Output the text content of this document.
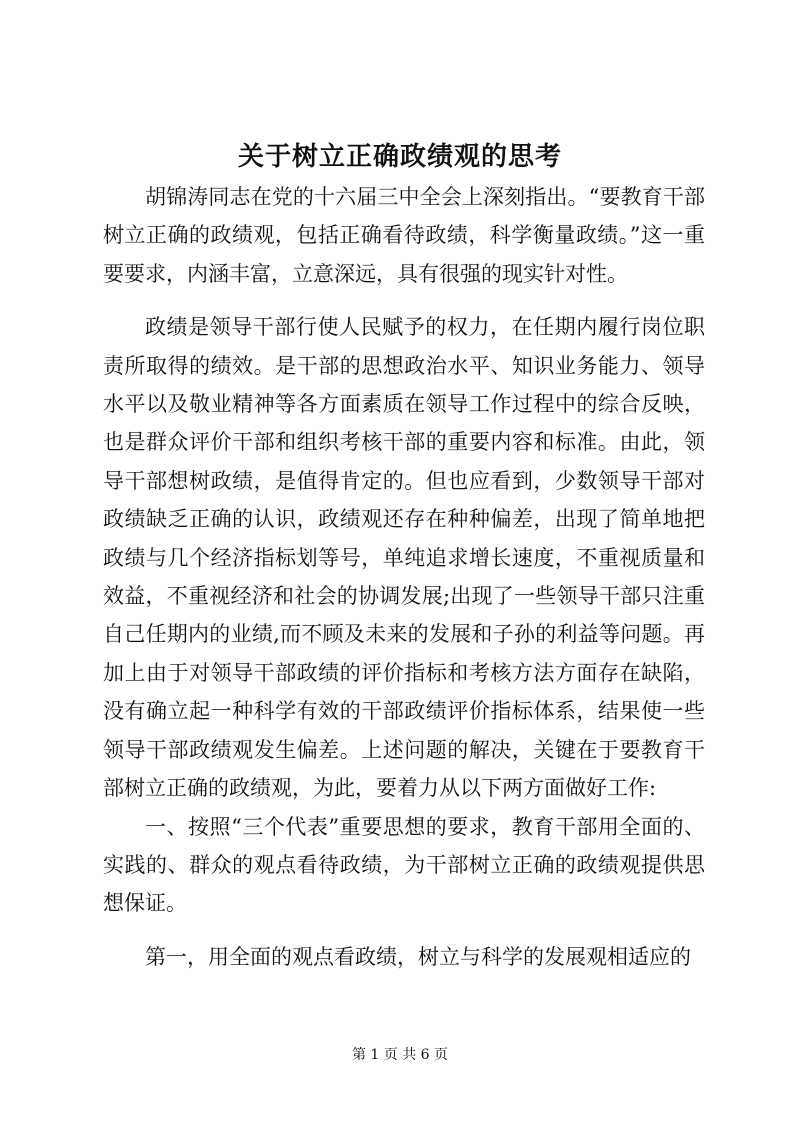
关于树立正确政绩观的思考

胡锦涛同志在党的十六届三中全会上深刻指出。“要教育干部树立正确的政绩观，包括正确看待政绩，科学衡量政绩。”这一重要要求，内涵丰富，立意深远，具有很强的现实针对性。

政绩是领导干部行使人民赋予的权力，在任期内履行岗位职责所取得的绩效。是干部的思想政治水平、知识业务能力、领导水平以及敬业精神等各方面素质在领导工作过程中的综合反映，也是群众评价干部和组织考核干部的重要内容和标准。由此，领导干部想树政绩，是值得肯定的。但也应看到，少数领导干部对政绩缺乏正确的认识，政绩观还存在种种偏差，出现了简单地把政绩与几个经济指标划等号，单纯追求增长速度，不重视质量和效益，不重视经济和社会的协调发展;出现了一些领导干部只注重自己任期内的业绩,而不顾及未来的发展和子孙的利益等问题。再加上由于对领导干部政绩的评价指标和考核方法方面存在缺陷，没有确立起一种科学有效的干部政绩评价指标体系，结果使一些领导干部政绩观发生偏差。上述问题的解决，关键在于要教育干部树立正确的政绩观，为此，要着力从以下两方面做好工作:

一、按照“三个代表”重要思想的要求，教育干部用全面的、实践的、群众的观点看待政绩，为干部树立正确的政绩观提供思想保证。

第一，用全面的观点看政绩，树立与科学的发展观相适应的

第 1 页 共 6 页
